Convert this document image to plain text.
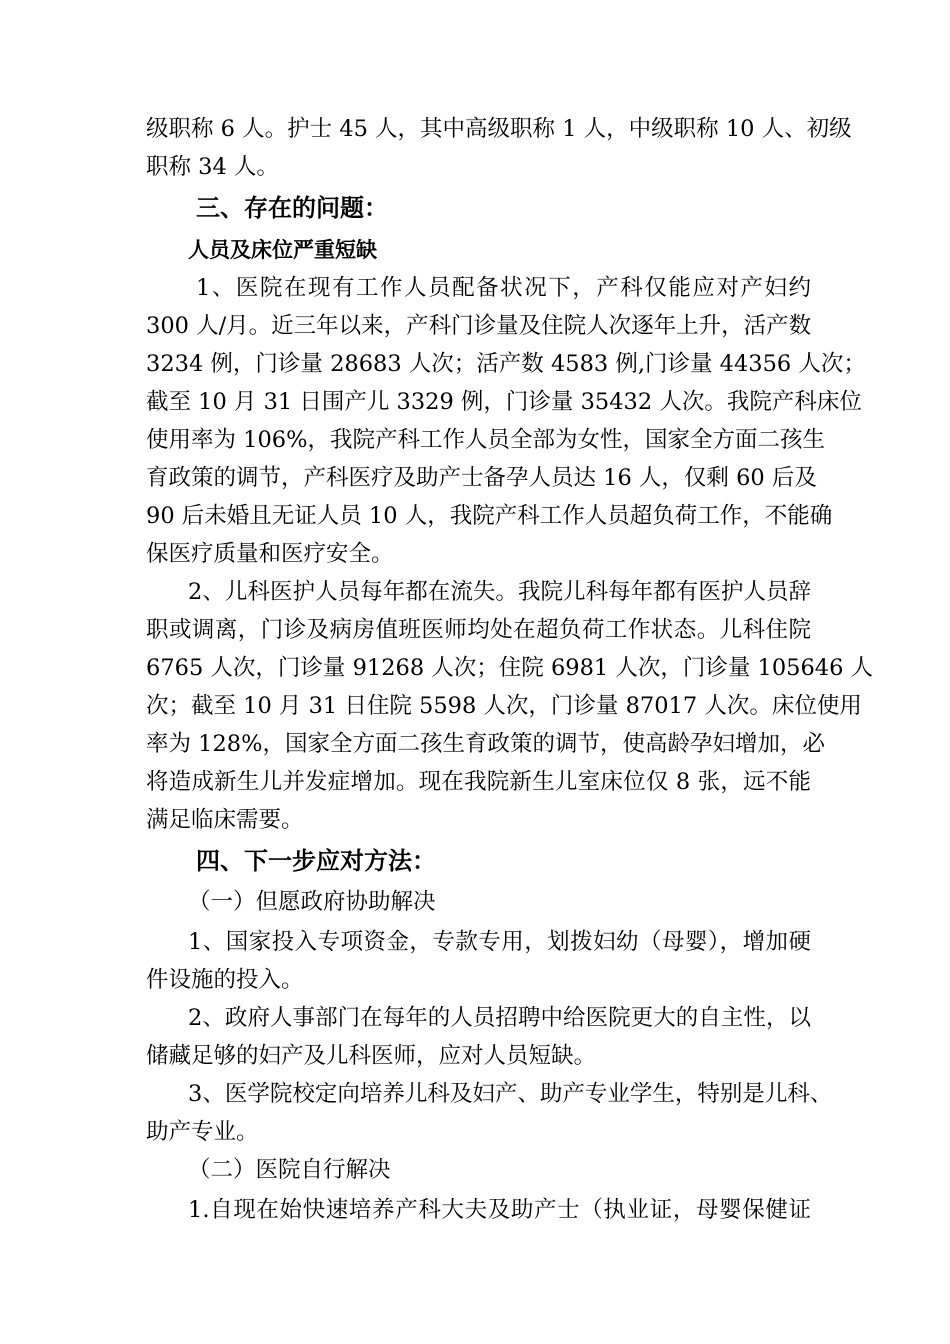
级职称 6 人。护士 45 人，其中高级职称 1 人，中级职称 10 人、初级
职称 34 人。
三、存在的问题：
人员及床位严重短缺
1、医院在现有工作人员配备状况下，产科仅能应对产妇约
300 人/月。近三年以来，产科门诊量及住院人次逐年上升，活产数
3234 例，门诊量 28683 人次；活产数 4583 例,门诊量 44356 人次；
截至 10 月 31 日围产儿 3329 例，门诊量 35432 人次。我院产科床位
使用率为 106%，我院产科工作人员全部为女性，国家全方面二孩生
育政策的调节，产科医疗及助产士备孕人员达 16 人，仅剩 60 后及
90 后未婚且无证人员 10 人，我院产科工作人员超负荷工作，不能确
保医疗质量和医疗安全。
2、儿科医护人员每年都在流失。我院儿科每年都有医护人员辞
职或调离，门诊及病房值班医师均处在超负荷工作状态。儿科住院
6765 人次，门诊量 91268 人次；住院 6981 人次，门诊量 105646 人
次；截至 10 月 31 日住院 5598 人次，门诊量 87017 人次。床位使用
率为 128%，国家全方面二孩生育政策的调节，使高龄孕妇增加，必
将造成新生儿并发症增加。现在我院新生儿室床位仅 8 张，远不能
满足临床需要。
四、下一步应对方法：
（一）但愿政府协助解决
1、国家投入专项资金，专款专用，划拨妇幼（母婴），增加硬
件设施的投入。
2、政府人事部门在每年的人员招聘中给医院更大的自主性，以
储藏足够的妇产及儿科医师，应对人员短缺。
3、医学院校定向培养儿科及妇产、助产专业学生，特别是儿科、
助产专业。
（二）医院自行解决
1.自现在始快速培养产科大夫及助产士（执业证，母婴保健证
